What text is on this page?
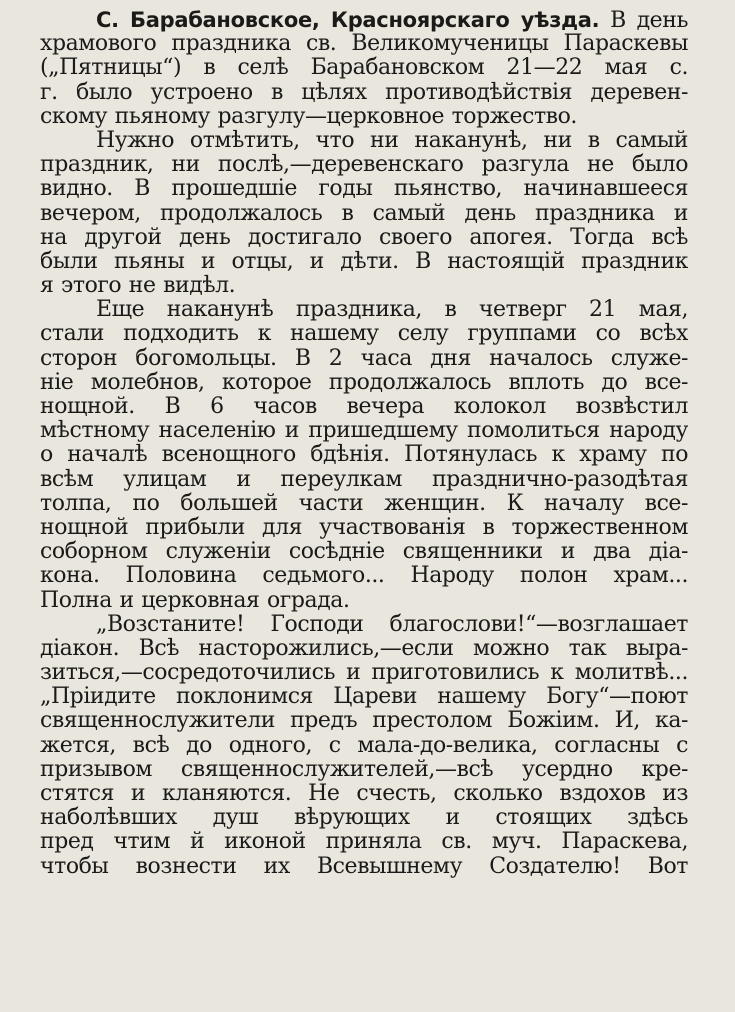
С. Барабановское, Красноярскаго уѣзда. В день
храмового праздника св. Великомученицы Параскевы
(„Пятницы“) в селѣ Барабановском 21—22 мая с.
г. было устроено в цѣлях противодѣйствія деревен-
скому пьяному разгулу—церковное торжество.
Нужно отмѣтить, что ни наканунѣ, ни в самый
праздник, ни послѣ,—деревенскаго разгула не было
видно. В прошедшіе годы пьянство, начинавшееся
вечером, продолжалось в самый день праздника и
на другой день достигало своего апогея. Тогда всѣ
были пьяны и отцы, и дѣти. В настоящій праздник
я этого не видѣл.
Еще наканунѣ праздника, в четверг 21 мая,
стали подходить к нашему селу группами со всѣх
сторон богомольцы. В 2 часа дня началось служе-
ніе молебнов, которое продолжалось вплоть до все-
нощной. В 6 часов вечера колокол возвѣстил
мѣстному населенію и пришедшему помолиться народу
о началѣ всенощного бдѣнія. Потянулась к храму по
всѣм улицам и переулкам празднично-разодѣтая
толпа, по большей части женщин. К началу все-
нощной прибыли для участвованія в торжественном
соборном служеніи сосѣдніе священники и два діа-
кона. Половина седьмого... Народу полон храм...
Полна и церковная ограда.
„Возстаните! Господи благослови!“—возглашает
діакон. Всѣ насторожились,—если можно так выра-
зиться,—сосредоточились и приготовились к молитвѣ...
„Пріидите поклонимся Цареви нашему Богу“—поют
священнослужители предъ престолом Божіим. И, ка-
жется, всѣ до одного, с мала-до-велика, согласны с
призывом священнослужителей,—всѣ усердно кре-
стятся и кланяются. Не счесть, сколько вздохов из
наболѣвших душ вѣрующих и стоящих здѣсь
пред чтим й иконой приняла св. муч. Параскева,
чтобы вознести их Всевышнему Создателю! Вот
